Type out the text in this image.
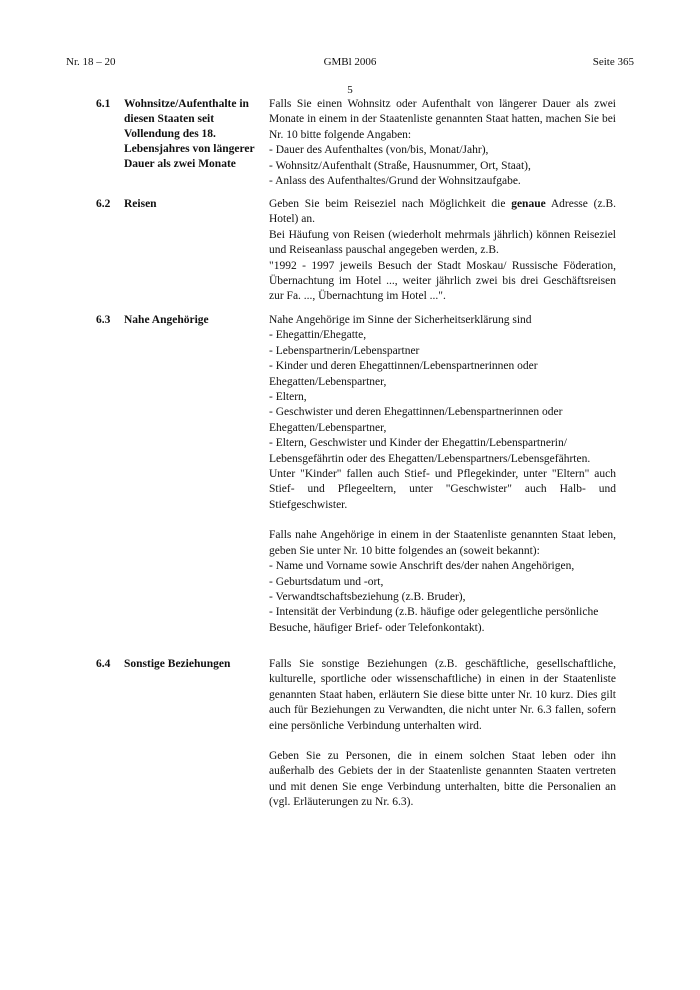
Nr. 18 – 20	GMBl 2006	Seite 365
5
6.1 Wohnsitze/Aufenthalte in diesen Staaten seit Vollendung des 18. Lebensjahres von längerer Dauer als zwei Monate

Falls Sie einen Wohnsitz oder Aufenthalt von längerer Dauer als zwei Monate in einem in der Staatenliste genannten Staat hatten, machen Sie bei Nr. 10 bitte folgende Angaben:

- Dauer des Aufenthaltes (von/bis, Monat/Jahr),

- Wohnsitz/Aufenthalt (Straße, Hausnummer, Ort, Staat),

- Anlass des Aufenthaltes/Grund der Wohnsitzaufgabe.

6.2 Reisen	Geben Sie beim Reiseziel nach Möglichkeit die genaue Adresse (z.B. Hotel) an.

Bei Häufung von Reisen (wiederholt mehrmals jährlich) können Reiseziel und Reiseanlass pauschal angegeben werden, z.B.

"1992 - 1997 jeweils Besuch der Stadt Moskau/ Russische Föderation, Übernachtung im Hotel ..., weiter jährlich zwei bis drei Geschäftsreisen zur Fa. ..., Übernachtung im Hotel ...".

6.3 Nahe Angehörige	Nahe Angehörige im Sinne der Sicherheitserklärung sind

- Ehegattin/Ehegatte,

- Lebenspartnerin/Lebenspartner

- Kinder und deren Ehegattinnen/Lebenspartnerinnen oder Ehegatten/Lebenspartner,

- Eltern,

- Geschwister und deren Ehegattinnen/Lebenspartnerinnen oder Ehegatten/Lebenspartner,

- Eltern, Geschwister und Kinder der Ehegattin/Lebenspartnerin/ Lebensgefährtin oder des Ehegatten/Lebenspartners/Lebensgefährten.

Unter "Kinder" fallen auch Stief- und Pflegekinder, unter "Eltern" auch Stief- und Pflegeeltern, unter "Geschwister" auch Halb- und Stiefgeschwister.

Falls nahe Angehörige in einem in der Staatenliste genannten Staat leben, geben Sie unter Nr. 10 bitte folgendes an (soweit bekannt):

- Name und Vorname sowie Anschrift des/der nahen Angehörigen,

- Geburtsdatum und -ort,

- Verwandtschaftsbeziehung (z.B. Bruder),

- Intensität der Verbindung (z.B. häufige oder gelegentliche persönliche Besuche, häufiger Brief- oder Telefonkontakt).

6.4 Sonstige Beziehungen	Falls Sie sonstige Beziehungen (z.B. geschäftliche, gesellschaftliche, kulturelle, sportliche oder wissenschaftliche) in einen in der Staatenliste genannten Staat haben, erläutern Sie diese bitte unter Nr. 10 kurz. Dies gilt auch für Beziehungen zu Verwandten, die nicht unter Nr. 6.3 fallen, sofern eine persönliche Verbindung unterhalten wird.

Geben Sie zu Personen, die in einem solchen Staat leben oder ihn außerhalb des Gebiets der in der Staatenliste genannten Staaten vertreten und mit denen Sie enge Verbindung unterhalten, bitte die Personalien an (vgl. Erläuterungen zu Nr. 6.3).
